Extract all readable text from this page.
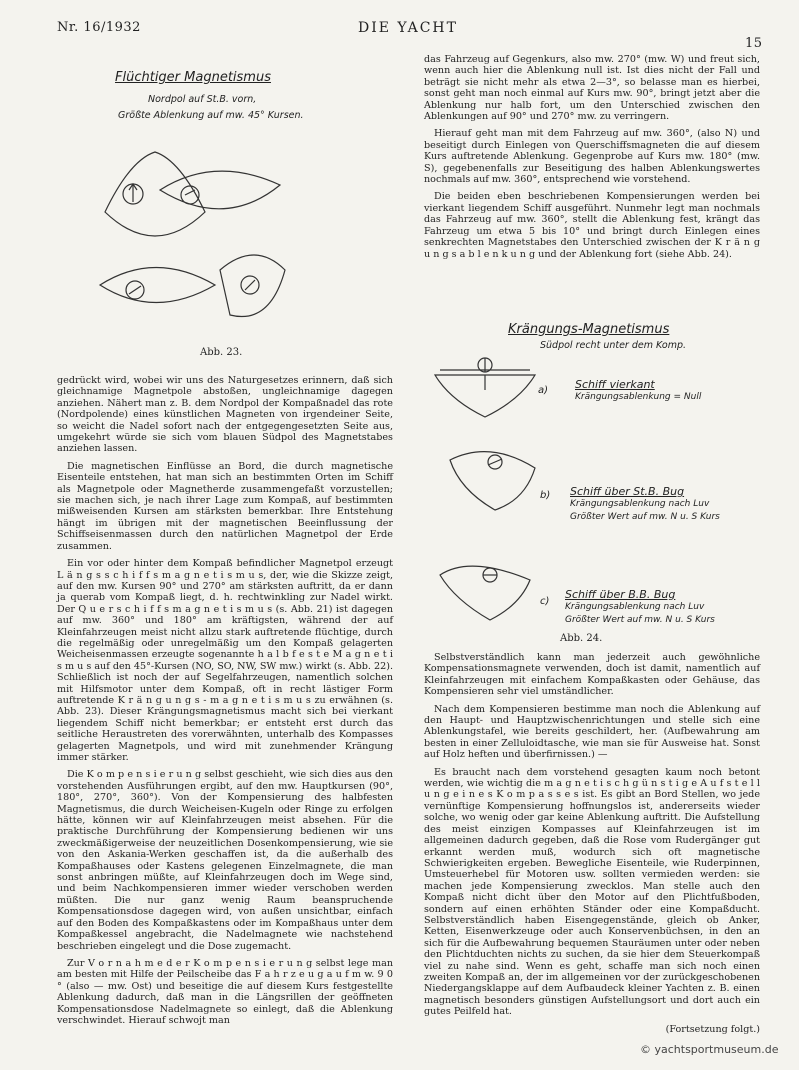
Nr. 16/1932	DIE YACHT
15
Flüchtiger Magnetismus
Nordpol auf St.B. vorn,
Größte Ablenkung auf mw. 45° Kursen.
Abb. 23.

gedrückt wird, wobei wir uns des Naturgesetzes erinnern, daß sich gleichnamige Magnetpole abstoßen, ungleichnamige dagegen anziehen. Nähert man z. B. dem Nordpol der Kompaßnadel das rote (Nordpolende) eines künstlichen Magneten von irgendeiner Seite, so weicht die Nadel sofort nach der entgegengesetzten Seite aus, umgekehrt würde sie sich vom blauen Südpol des Magnetstabes anziehen lassen.

Die magnetischen Einflüsse an Bord, die durch magnetische Eisenteile entstehen, hat man sich an bestimmten Orten im Schiff als Magnetpole oder Magnetherde zusammengefaßt vorzustellen; sie machen sich, je nach ihrer Lage zum Kompaß, auf bestimmten mißweisenden Kursen am stärksten bemerkbar. Ihre Entstehung hängt im übrigen mit der magnetischen Beeinflussung der Schiffseisenmassen durch den natürlichen Magnetpol der Erde zusammen.

Ein vor oder hinter dem Kompaß befindlicher Magnetpol erzeugt L ä n g s s c h i f f s m a g n e t i s m u s, der, wie die Skizze zeigt, auf den mw. Kursen 90° und 270° am stärksten auftritt, da er dann ja querab vom Kompaß liegt, d. h. rechtwinkling zur Nadel wirkt. Der Q u e r s c h i f f s m a g n e t i s m u s (s. Abb. 21) ist dagegen auf mw. 360° und 180° am kräftigsten, während der auf Kleinfahrzeugen meist nicht allzu stark auftretende flüchtige, durch die regelmäßig oder unregelmäßig um den Kompaß gelagerten Weicheisenmassen erzeugte sogenannte h a l b f e s t e M a g n e t i s m u s auf den 45°-Kursen (NO, SO, NW, SW mw.) wirkt (s. Abb. 22). Schließlich ist noch der auf Segelfahrzeugen, namentlich solchen mit Hilfsmotor unter dem Kompaß, oft in recht lästiger Form auftretende K r ä n g u n g s - m a g n e t i s m u s zu erwähnen (s. Abb. 23). Dieser Krängungsmagnetismus macht sich bei vierkant liegendem Schiff nicht bemerkbar; er entsteht erst durch das seitliche Heraustreten des vorerwähnten, unterhalb des Kompasses gelagerten Magnetpols, und wird mit zunehmender Krängung immer stärker.

Die K o m p e n s i e r u n g selbst geschieht, wie sich dies aus den vorstehenden Ausführungen ergibt, auf den mw. Hauptkursen (90°, 180°, 270°, 360°). Von der Kompensierung des halbfesten Magnetismus, die durch Weicheisen-Kugeln oder Ringe zu erfolgen hätte, können wir auf Kleinfahrzeugen meist absehen. Für die praktische Durchführung der Kompensierung bedienen wir uns zweckmäßigerweise der neuzeitlichen Dosenkompensierung, wie sie von den Askania-Werken geschaffen ist, da die außerhalb des Kompaßhauses oder Kastens gelegenen Einzelmagnete, die man sonst anbringen müßte, auf Kleinfahrzeugen doch im Wege sind, und beim Nachkompensieren immer wieder verschoben werden müßten. Die nur ganz wenig Raum beanspruchende Kompensationsdose dagegen wird, von außen unsichtbar, einfach auf den Boden des Kompaßkastens oder im Kompaßhaus unter dem Kompaßkessel angebracht, die Nadelmagnete wie nachstehend beschrieben eingelegt und die Dose zugemacht.

Zur V o r n a h m e d e r K o m p e n s i e r u n g selbst lege man am besten mit Hilfe der Peilscheibe das F a h r z e u g a u f m w. 9 0 ° (also — mw. Ost) und beseitige die auf diesem Kurs festgestellte Ablenkung dadurch, daß man in die Längsrillen der geöffneten Kompensationsdose Nadelmagnete so einlegt, daß die Ablenkung verschwindet. Hierauf schwojt man

das Fahrzeug auf Gegenkurs, also mw. 270° (mw. W) und freut sich, wenn auch hier die Ablenkung null ist. Ist dies nicht der Fall und beträgt sie nicht mehr als etwa 2—3°, so belasse man es hierbei, sonst geht man noch einmal auf Kurs mw. 90°, bringt jetzt aber die Ablenkung nur halb fort, um den Unterschied zwischen den Ablenkungen auf 90° und 270° mw. zu verringern.

Hierauf geht man mit dem Fahrzeug auf mw. 360°, (also N) und beseitigt durch Einlegen von Querschiffsmagneten die auf diesem Kurs auftretende Ablenkung. Gegenprobe auf Kurs mw. 180° (mw. S), gegebenenfalls zur Beseitigung des halben Ablenkungswertes nochmals auf mw. 360°, entsprechend wie vorstehend.

Die beiden eben beschriebenen Kompensierungen werden bei vierkant liegendem Schiff ausgeführt. Nunmehr legt man nochmals das Fahrzeug auf mw. 360°, stellt die Ablenkung fest, krängt das Fahrzeug um etwa 5 bis 10° und bringt durch Einlegen eines senkrechten Magnetstabes den Unterschied zwischen der K r ä n g u n g s a b l e n k u n g und der Ablenkung fort (siehe Abb. 24).

Krängungs-Magnetismus
Südpol recht unter dem Komp.
a) Schiff vierkant
Krängungsablenkung = Null
b) Schiff über St.B. Bug
Krängungsablenkung nach Luv
Größter Wert auf mw. N u. S Kurs
c)
Schiff über B.B. Bug
Krängungsablenkung nach Luv
Größter Wert auf mw. N u. S Kurs
Abb. 24.

Selbstverständlich kann man jederzeit auch gewöhnliche Kompensationsmagnete verwenden, doch ist damit, namentlich auf Kleinfahrzeugen mit einfachem Kompaßkasten oder Gehäuse, das Kompensieren sehr viel umständlicher.

Nach dem Kompensieren bestimme man noch die Ablenkung auf den Haupt- und Hauptzwischenrichtungen und stelle sich eine Ablenkungstafel, wie bereits geschildert, her. (Aufbewahrung am besten in einer Zelluloidtasche, wie man sie für Ausweise hat. Sonst auf Holz heften und überfirnissen.) —

Es braucht nach dem vorstehend gesagten kaum noch betont werden, wie wichtig die m a g n e t i s c h g ü n s t i g e A u f s t e l l u n g e i n e s K o m p a s s e s ist. Es gibt an Bord Stellen, wo jede vernünftige Kompensierung hoffnungslos ist, andererseits wieder solche, wo wenig oder gar keine Ablenkung auftritt. Die Aufstellung des meist einzigen Kompasses auf Kleinfahrzeugen ist im allgemeinen dadurch gegeben, daß die Rose vom Rudergänger gut erkannt werden muß, wodurch sich oft magnetische Schwierigkeiten ergeben. Bewegliche Eisenteile, wie Ruderpinnen, Umsteuerhebel für Motoren usw. sollten vermieden werden: sie machen jede Kompensierung zwecklos. Man stelle auch den Kompaß nicht dicht über den Motor auf den Plichtfußboden, sondern auf einen erhöhten Ständer oder eine Kompaßducht. Selbstverständlich haben Eisengegenstände, gleich ob Anker, Ketten, Eisenwerkzeuge oder auch Konservenbüchsen, in den an sich für die Aufbewahrung bequemen Stauräumen unter oder neben den Plichtduchten nichts zu suchen, da sie hier dem Steuerkompaß viel zu nahe sind. Wenn es geht, schaffe man sich noch einen zweiten Kompaß an, der im allgemeinen vor der zurückgeschobenen Niedergangsklappe auf dem Aufbaudeck kleiner Yachten z. B. einen magnetisch besonders günstigen Aufstellungsort und dort auch ein gutes Peilfeld hat.

(Fortsetzung folgt.)

© yachtsportmuseum.de
